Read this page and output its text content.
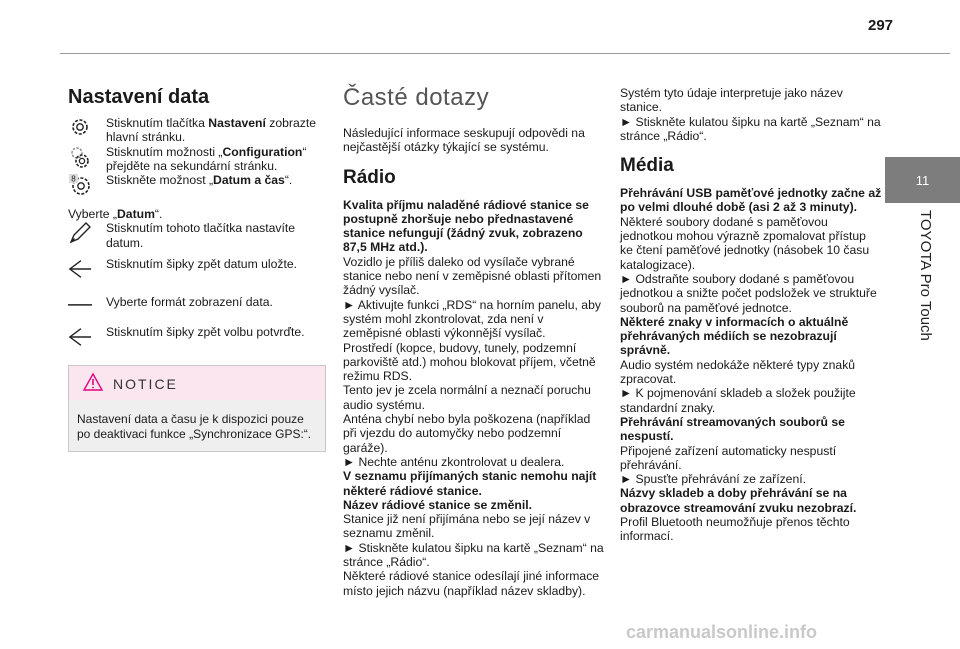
297
11
TOYOTA Pro Touch
Nastavení data

Stisknutím tlačítka Nastavení zobrazte hlavní stránku.

Stisknutím možnosti „Configuration“ přejděte na sekundární stránku.

8 Stiskněte možnost „Datum a čas“.

Vyberte „Datum“.

Stisknutím tohoto tlačítka nastavíte datum.

Stisknutím šipky zpět datum uložte.

Vyberte formát zobrazení data.

Stisknutím šipky zpět volbu potvrďte.

NOTICE
Nastavení data a času je k dispozici pouze po deaktivaci funkce „Synchronizace GPS:“.
Časté dotazy

Následující informace seskupují odpovědi na nejčastější otázky týkající se systému.

Rádio

Kvalita příjmu naladěné rádiové stanice se postupně zhoršuje nebo přednastavené stanice nefungují (žádný zvuk, zobrazeno 87,5 MHz atd.).

Vozidlo je příliš daleko od vysílače vybrané stanice nebo není v zeměpisné oblasti přítomen žádný vysílač.

► Aktivujte funkci „RDS“ na horním panelu, aby systém mohl zkontrolovat, zda není v zeměpisné oblasti výkonnější vysílač.

Prostředí (kopce, budovy, tunely, podzemní parkoviště atd.) mohou blokovat příjem, včetně režimu RDS.

Tento jev je zcela normální a neznačí poruchu audio systému.

Anténa chybí nebo byla poškozena (například při vjezdu do automyčky nebo podzemní garáže).

► Nechte anténu zkontrolovat u dealera.

V seznamu přijímaných stanic nemohu najít některé rádiové stanice.

Název rádiové stanice se změnil.

Stanice již není přijímána nebo se její název v seznamu změnil.

► Stiskněte kulatou šipku na kartě „Seznam“ na stránce „Rádio“.

Některé rádiové stanice odesílají jiné informace místo jejich názvu (například název skladby).

Systém tyto údaje interpretuje jako název stanice.

► Stiskněte kulatou šipku na kartě „Seznam“ na stránce „Rádio“.

Média

Přehrávání USB paměťové jednotky začne až po velmi dlouhé době (asi 2 až 3 minuty).

Některé soubory dodané s paměťovou jednotkou mohou výrazně zpomalovat přístup ke čtení paměťové jednotky (násobek 10 času katalogizace).

► Odstraňte soubory dodané s paměťovou jednotkou a snižte počet podsložek ve struktuře souborů na paměťové jednotce.

Některé znaky v informacích o aktuálně přehrávaných médiích se nezobrazují správně.

Audio systém nedokáže některé typy znaků zpracovat.

► K pojmenování skladeb a složek použijte standardní znaky.

Přehrávání streamovaných souborů se nespustí.

Připojené zařízení automaticky nespustí přehrávání.

► Spusťte přehrávání ze zařízení.

Názvy skladeb a doby přehrávání se na obrazovce streamování zvuku nezobrazí.

Profil Bluetooth neumožňuje přenos těchto informací.

carmanualsonline.info
